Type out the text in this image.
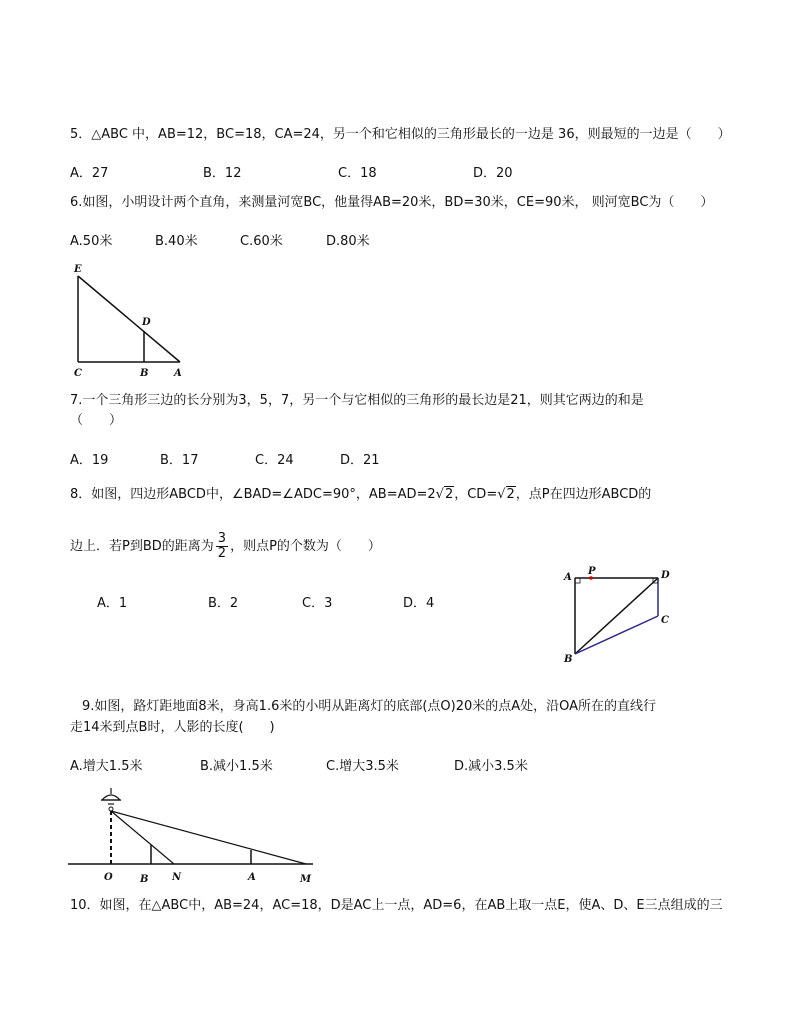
5．△ABC 中，AB=12，BC=18，CA=24，另一个和它相似的三角形最长的一边是 36，则最短的一边是（　　）
A．27	B．12	C．18	D．20
6.如图，小明设计两个直角，来测量河宽BC，他量得AB=20米，BD=30米，CE=90米， 则河宽BC为（　　）
A.50米	B.40米	C.60米	D.80米
E
D
C	B	A
7.一个三角形三边的长分别为3，5，7，另一个与它相似的三角形的最长边是21，则其它两边的和是
（　　）
A．19	B．17	C．24	D．21
8．如图，四边形ABCD中，∠BAD=∠ADC=90°，AB=AD=2√2，CD=√2，点P在四边形ABCD的
边上．若P到BD的距离为 $\frac{3}{2}$ ，则点P的个数为（　　）
A．1	B．2	C．3	D．4
A
P	D
C
B
9.如图，路灯距地面8米，身高1.6米的小明从距离灯的底部(点O)20米的点A处，沿OA所在的直线行
走14米到点B时，人影的长度(　　)
A.增大1.5米	B.减小1.5米	C.增大3.5米	D.减小3.5米
O	B N	A	M
10．如图，在△ABC中，AB=24，AC=18，D是AC上一点，AD=6，在AB上取一点E，使A、D、E三点组成的三
